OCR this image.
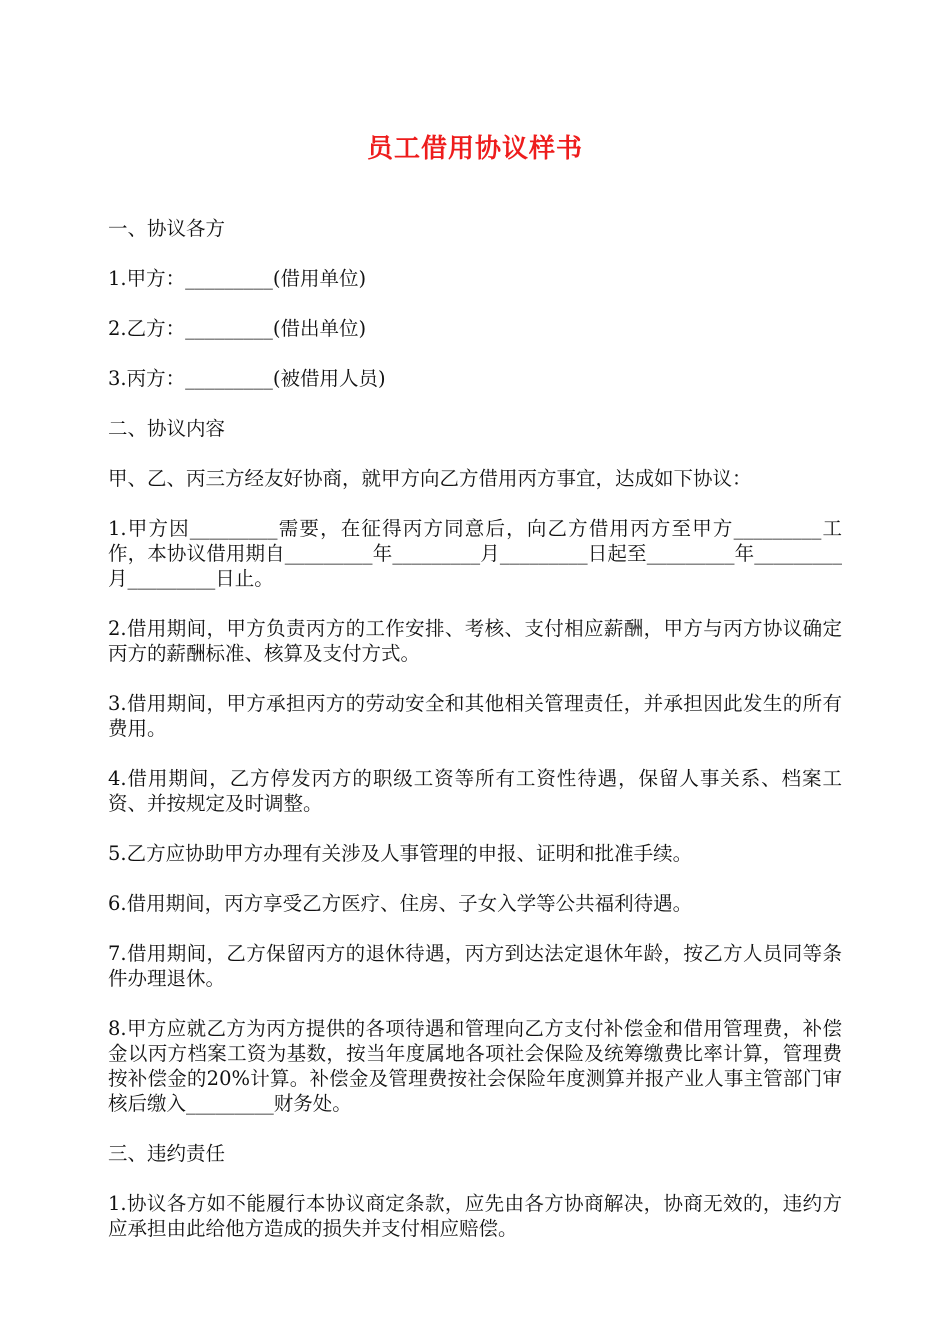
员工借用协议样书

一、协议各方

1.甲方：_________(借用单位)

2.乙方：_________(借出单位)

3.丙方：_________(被借用人员)

二、协议内容

甲、乙、丙三方经友好协商，就甲方向乙方借用丙方事宜，达成如下协议：

1.甲方因_________需要，在征得丙方同意后，向乙方借用丙方至甲方_________工作，本协议借用期自_________年_________月_________日起至_________年_________月_________日止。

2.借用期间，甲方负责丙方的工作安排、考核、支付相应薪酬，甲方与丙方协议确定丙方的薪酬标准、核算及支付方式。

3.借用期间，甲方承担丙方的劳动安全和其他相关管理责任，并承担因此发生的所有费用。

4.借用期间，乙方停发丙方的职级工资等所有工资性待遇，保留人事关系、档案工资、并按规定及时调整。

5.乙方应协助甲方办理有关涉及人事管理的申报、证明和批准手续。

6.借用期间，丙方享受乙方医疗、住房、子女入学等公共福利待遇。

7.借用期间，乙方保留丙方的退休待遇，丙方到达法定退休年龄，按乙方人员同等条件办理退休。

8.甲方应就乙方为丙方提供的各项待遇和管理向乙方支付补偿金和借用管理费，补偿金以丙方档案工资为基数，按当年度属地各项社会保险及统筹缴费比率计算，管理费按补偿金的20%计算。补偿金及管理费按社会保险年度测算并报产业人事主管部门审核后缴入_________财务处。

三、违约责任

1.协议各方如不能履行本协议商定条款，应先由各方协商解决，协商无效的，违约方应承担由此给他方造成的损失并支付相应赔偿。
